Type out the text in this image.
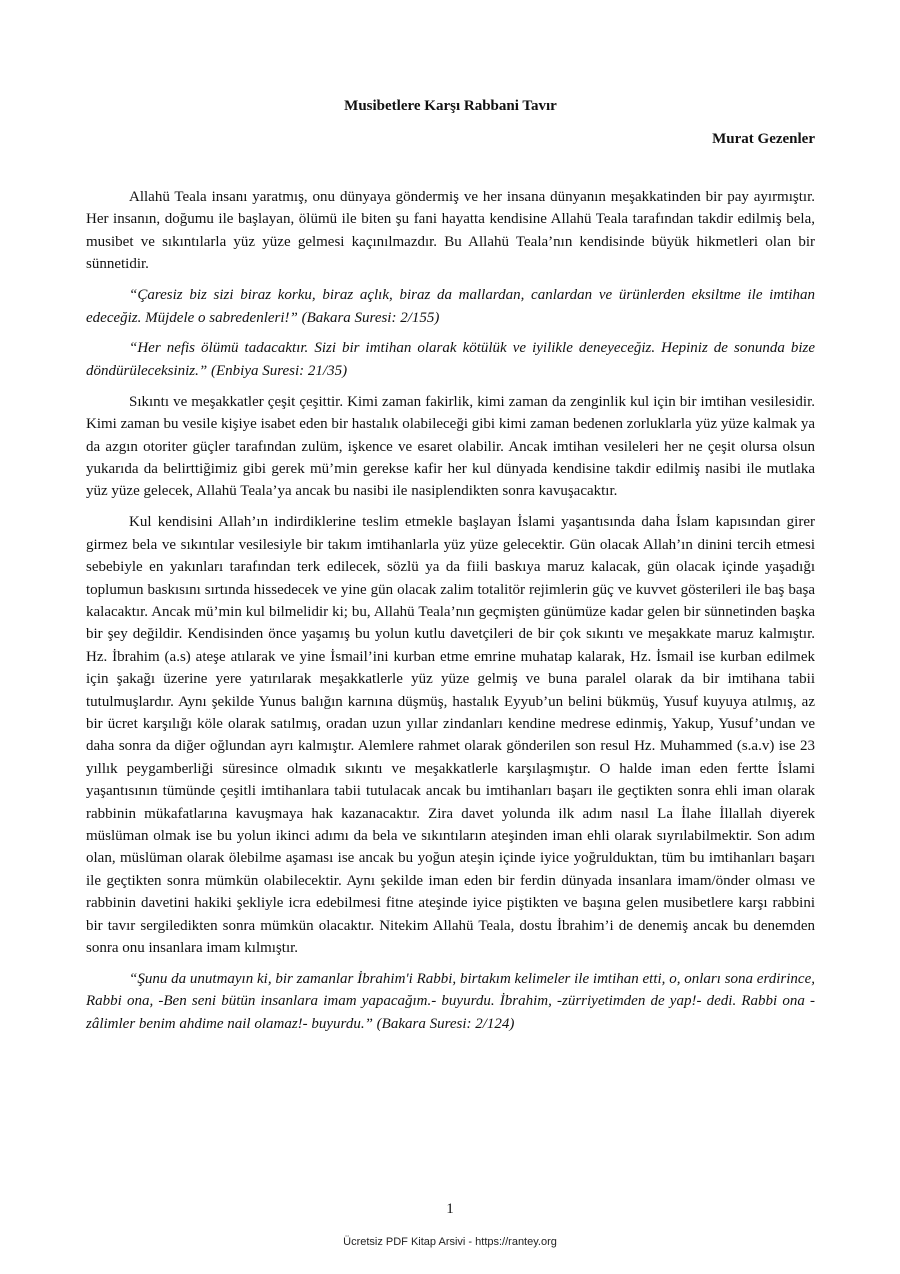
Musibetlere Karşı Rabbani Tavır
Murat Gezenler

Allahü Teala insanı yaratmış, onu dünyaya göndermiş ve her insana dünyanın meşakkatinden bir pay ayırmıştır. Her insanın, doğumu ile başlayan, ölümü ile biten şu fani hayatta kendisine Allahü Teala tarafından takdir edilmiş bela, musibet ve sıkıntılarla yüz yüze gelmesi kaçınılmazdır. Bu Allahü Teala’nın kendisinde büyük hikmetleri olan bir sünnetidir.

“Çaresiz biz sizi biraz korku, biraz açlık, biraz da mallardan, canlardan ve ürünlerden eksiltme ile imtihan edeceğiz. Müjdele o sabredenleri!” (Bakara Suresi: 2/155)

“Her nefis ölümü tadacaktır. Sizi bir imtihan olarak kötülük ve iyilikle deneyeceğiz. Hepiniz de sonunda bize döndürüleceksiniz.” (Enbiya Suresi: 21/35)

Sıkıntı ve meşakkatler çeşit çeşittir. Kimi zaman fakirlik, kimi zaman da zenginlik kul için bir imtihan vesilesidir. Kimi zaman bu vesile kişiye isabet eden bir hastalık olabileceği gibi kimi zaman bedenen zorluklarla yüz yüze kalmak ya da azgın otoriter güçler tarafından zulüm, işkence ve esaret olabilir. Ancak imtihan vesileleri her ne çeşit olursa olsun yukarıda da belirttiğimiz gibi gerek mü’min gerekse kafir her kul dünyada kendisine takdir edilmiş nasibi ile mutlaka yüz yüze gelecek, Allahü Teala’ya ancak bu nasibi ile nasiplendikten sonra kavuşacaktır.

Kul kendisini Allah’ın indirdiklerine teslim etmekle başlayan İslami yaşantısında daha İslam kapısından girer girmez bela ve sıkıntılar vesilesiyle bir takım imtihanlarla yüz yüze gelecektir. Gün olacak Allah’ın dinini tercih etmesi sebebiyle en yakınları tarafından terk edilecek, sözlü ya da fiili baskıya maruz kalacak, gün olacak içinde yaşadığı toplumun baskısını sırtında hissedecek ve yine gün olacak zalim totalitör rejimlerin güç ve kuvvet gösterileri ile baş başa kalacaktır. Ancak mü’min kul bilmelidir ki; bu, Allahü Teala’nın geçmişten günümüze kadar gelen bir sünnetinden başka bir şey değildir. Kendisinden önce yaşamış bu yolun kutlu davetçileri de bir çok sıkıntı ve meşakkate maruz kalmıştır. Hz. İbrahim (a.s) ateşe atılarak ve yine İsmail’ini kurban etme emrine muhatap kalarak, Hz. İsmail ise kurban edilmek için şakağı üzerine yere yatırılarak meşakkatlerle yüz yüze gelmiş ve buna paralel olarak da bir imtihana tabii tutulmuşlardır. Aynı şekilde Yunus balığın karnına düşmüş, hastalık Eyyub’un belini bükmüş, Yusuf kuyuya atılmış, az bir ücret karşılığı köle olarak satılmış, oradan uzun yıllar zindanları kendine medrese edinmiş, Yakup, Yusuf’undan ve daha sonra da diğer oğlundan ayrı kalmıştır. Alemlere rahmet olarak gönderilen son resul Hz. Muhammed (s.a.v) ise 23 yıllık peygamberliği süresince olmadık sıkıntı ve meşakkatlerle karşılaşmıştır. O halde iman eden fertte İslami yaşantısının tümünde çeşitli imtihanlara tabii tutulacak ancak bu imtihanları başarı ile geçtikten sonra ehli iman olarak rabbinin mükafatlarına kavuşmaya hak kazanacaktır. Zira davet yolunda ilk adım nasıl La İlahe İllallah diyerek müslüman olmak ise bu yolun ikinci adımı da bela ve sıkıntıların ateşinden iman ehli olarak sıyrılabilmektir. Son adım olan, müslüman olarak ölebilme aşaması ise ancak bu yoğun ateşin içinde iyice yoğrulduktan, tüm bu imtihanları başarı ile geçtikten sonra mümkün olabilecektir. Aynı şekilde iman eden bir ferdin dünyada insanlara imam/önder olması ve rabbinin davetini hakiki şekliyle icra edebilmesi fitne ateşinde iyice piştikten ve başına gelen musibetlere karşı rabbini bir tavır sergiledikten sonra mümkün olacaktır. Nitekim Allahü Teala, dostu İbrahim’i de denemiş ancak bu denemden sonra onu insanlara imam kılmıştır.

“Şunu da unutmayın ki, bir zamanlar İbrahim'i Rabbi, birtakım kelimeler ile imtihan etti, o, onları sona erdirince, Rabbi ona, -Ben seni bütün insanlara imam yapacağım.- buyurdu. İbrahim, -zürriyetimden de yap!- dedi. Rabbi ona -zâlimler benim ahdime nail olamaz!- buyurdu.” (Bakara Suresi: 2/124)

1
Ücretsiz PDF Kitap Arsivi - https://rantey.org
